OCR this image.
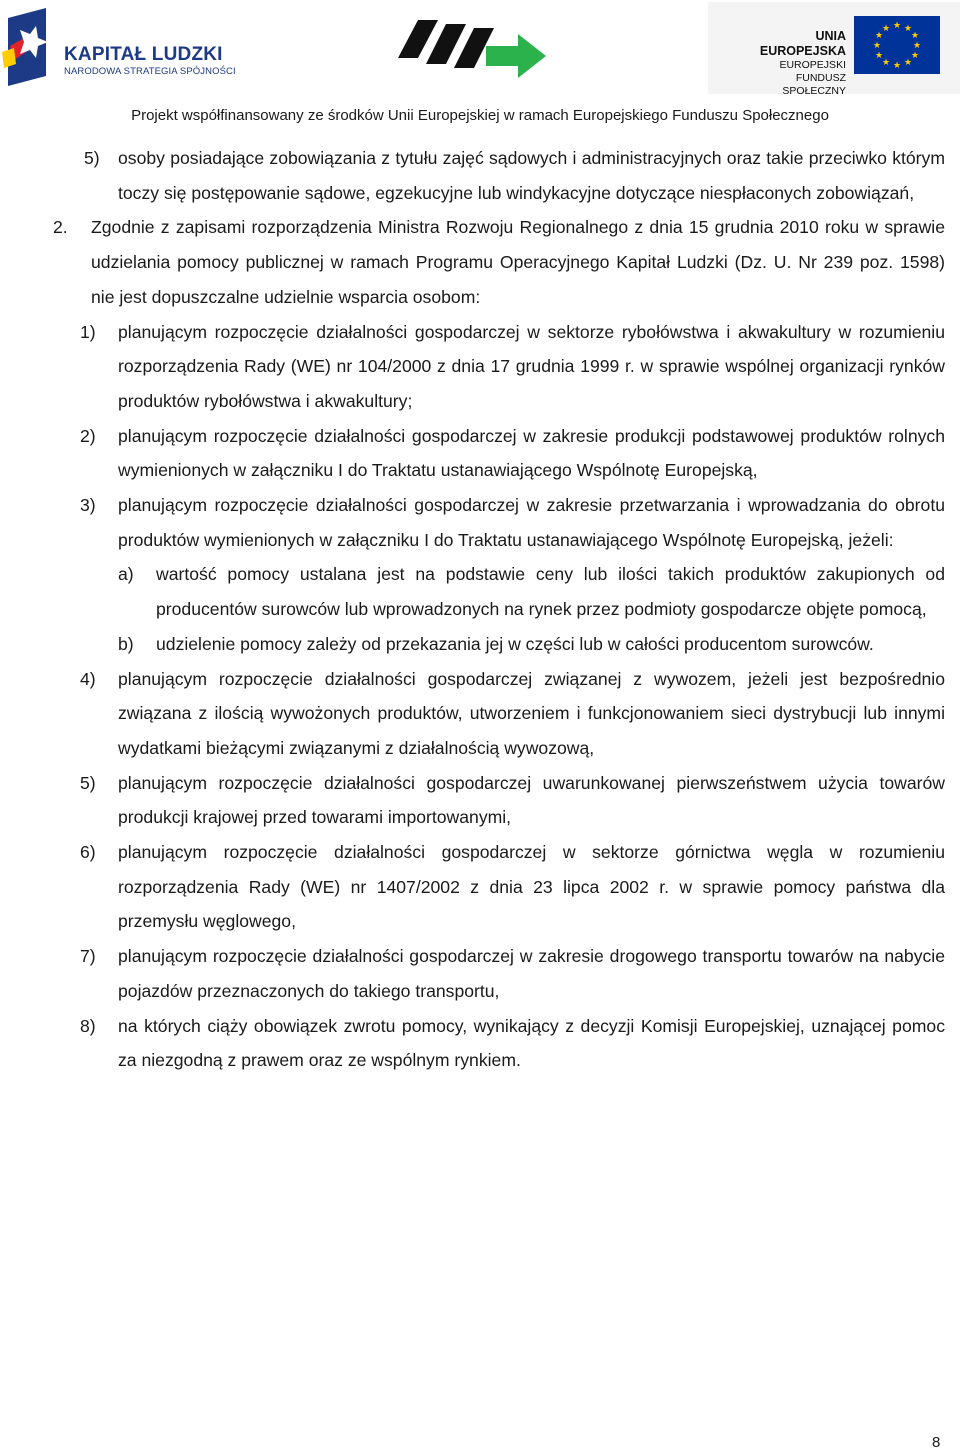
KAPITAŁ LUDZKI
NARODOWA STRATEGIA SPÓJNOŚCI
UNIA EUROPEJSKA
EUROPEJSKI
FUNDUSZ SPOŁECZNY
★ ★
★
★
★
★
★
★
★
★
★
★
Projekt współfinansowany ze środków Unii Europejskiej w ramach Europejskiego Funduszu Społecznego
5) osoby posiadające zobowiązania z tytułu zajęć sądowych i administracyjnych oraz takie przeciwko którym toczy się postępowanie sądowe, egzekucyjne lub windykacyjne dotyczące niespłaconych zobowiązań,
2. Zgodnie z zapisami rozporządzenia Ministra Rozwoju Regionalnego z dnia 15 grudnia 2010 roku w sprawie udzielania pomocy publicznej w ramach Programu Operacyjnego Kapitał Ludzki (Dz. U. Nr 239 poz. 1598) nie jest dopuszczalne udzielnie wsparcia osobom:
1) planującym rozpoczęcie działalności gospodarczej w sektorze rybołówstwa i akwakultury w rozumieniu rozporządzenia Rady (WE) nr 104/2000 z dnia 17 grudnia 1999 r. w sprawie wspólnej organizacji rynków produktów rybołówstwa i akwakultury;
2) planującym rozpoczęcie działalności gospodarczej w zakresie produkcji podstawowej produktów rolnych wymienionych w załączniku I do Traktatu ustanawiającego Wspólnotę Europejską,
3) planującym rozpoczęcie działalności gospodarczej w zakresie przetwarzania i wprowadzania do obrotu produktów wymienionych w załączniku I do Traktatu ustanawiającego Wspólnotę Europejską, jeżeli:
a) wartość pomocy ustalana jest na podstawie ceny lub ilości takich produktów zakupionych od producentów surowców lub wprowadzonych na rynek przez podmioty gospodarcze objęte pomocą,
b) udzielenie pomocy zależy od przekazania jej w części lub w całości producentom surowców.
4) planującym rozpoczęcie działalności gospodarczej związanej z wywozem, jeżeli jest bezpośrednio związana z ilością wywożonych produktów, utworzeniem i funkcjonowaniem sieci dystrybucji lub innymi wydatkami bieżącymi związanymi z działalnością wywozową,
5) planującym rozpoczęcie działalności gospodarczej uwarunkowanej pierwszeństwem użycia towarów produkcji krajowej przed towarami importowanymi,
6) planującym rozpoczęcie działalności gospodarczej w sektorze górnictwa węgla w rozumieniu rozporządzenia Rady (WE) nr 1407/2002 z dnia 23 lipca 2002 r. w sprawie pomocy państwa dla przemysłu węglowego,
7) planującym rozpoczęcie działalności gospodarczej w zakresie drogowego transportu towarów na nabycie pojazdów przeznaczonych do takiego transportu,
8) na których ciąży obowiązek zwrotu pomocy, wynikający z decyzji Komisji Europejskiej, uznającej pomoc za niezgodną z prawem oraz ze wspólnym rynkiem.
8
